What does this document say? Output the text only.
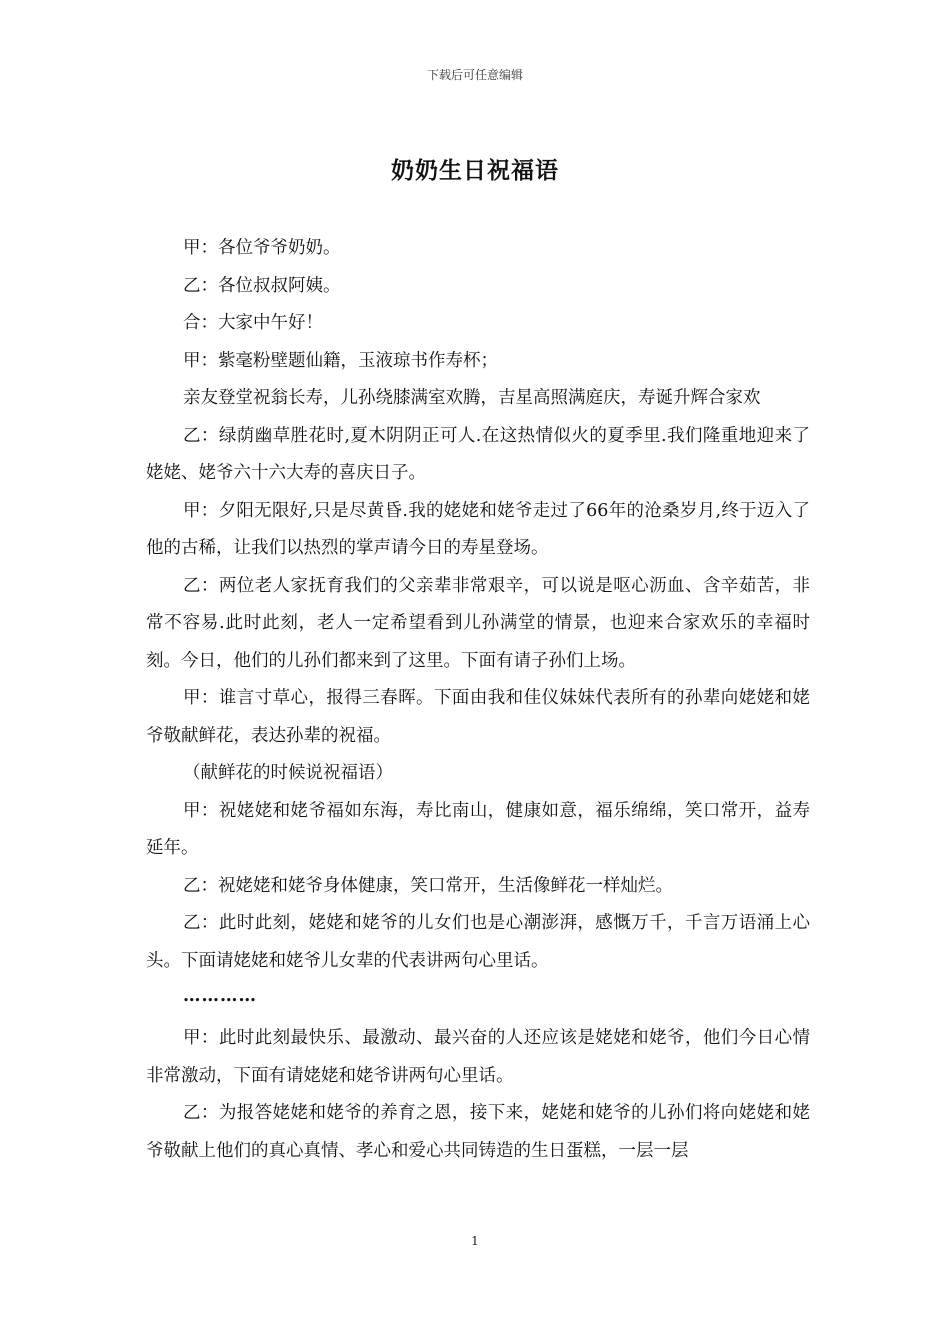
下载后可任意编辑
奶奶生日祝福语

甲：各位爷爷奶奶。

乙：各位叔叔阿姨。

合：大家中午好！

甲：紫毫粉壁题仙籍，玉液琼书作寿杯；

亲友登堂祝翁长寿，儿孙绕膝满室欢腾，吉星高照满庭庆，寿诞升辉合家欢

乙：绿荫幽草胜花时,夏木阴阴正可人.在这热情似火的夏季里.我们隆重地迎来了姥姥、姥爷六十六大寿的喜庆日子。

甲：夕阳无限好,只是尽黄昏.我的姥姥和姥爷走过了66年的沧桑岁月,终于迈入了他的古稀，让我们以热烈的掌声请今日的寿星登场。

乙：两位老人家抚育我们的父亲辈非常艰辛，可以说是呕心沥血、含辛茹苦，非常不容易.此时此刻，老人一定希望看到儿孙满堂的情景，也迎来合家欢乐的幸福时刻。今日，他们的儿孙们都来到了这里。下面有请子孙们上场。

甲：谁言寸草心，报得三春晖。下面由我和佳仪妹妹代表所有的孙辈向姥姥和姥爷敬献鲜花，表达孙辈的祝福。

（献鲜花的时候说祝福语）

甲：祝姥姥和姥爷福如东海，寿比南山，健康如意，福乐绵绵，笑口常开，益寿延年。

乙：祝姥姥和姥爷身体健康，笑口常开，生活像鲜花一样灿烂。

乙：此时此刻，姥姥和姥爷的儿女们也是心潮澎湃，感慨万千，千言万语涌上心头。下面请姥姥和姥爷儿女辈的代表讲两句心里话。

…………

甲：此时此刻最快乐、最激动、最兴奋的人还应该是姥姥和姥爷，他们今日心情非常激动，下面有请姥姥和姥爷讲两句心里话。

乙：为报答姥姥和姥爷的养育之恩，接下来，姥姥和姥爷的儿孙们将向姥姥和姥爷敬献上他们的真心真情、孝心和爱心共同铸造的生日蛋糕，一层一层

1
